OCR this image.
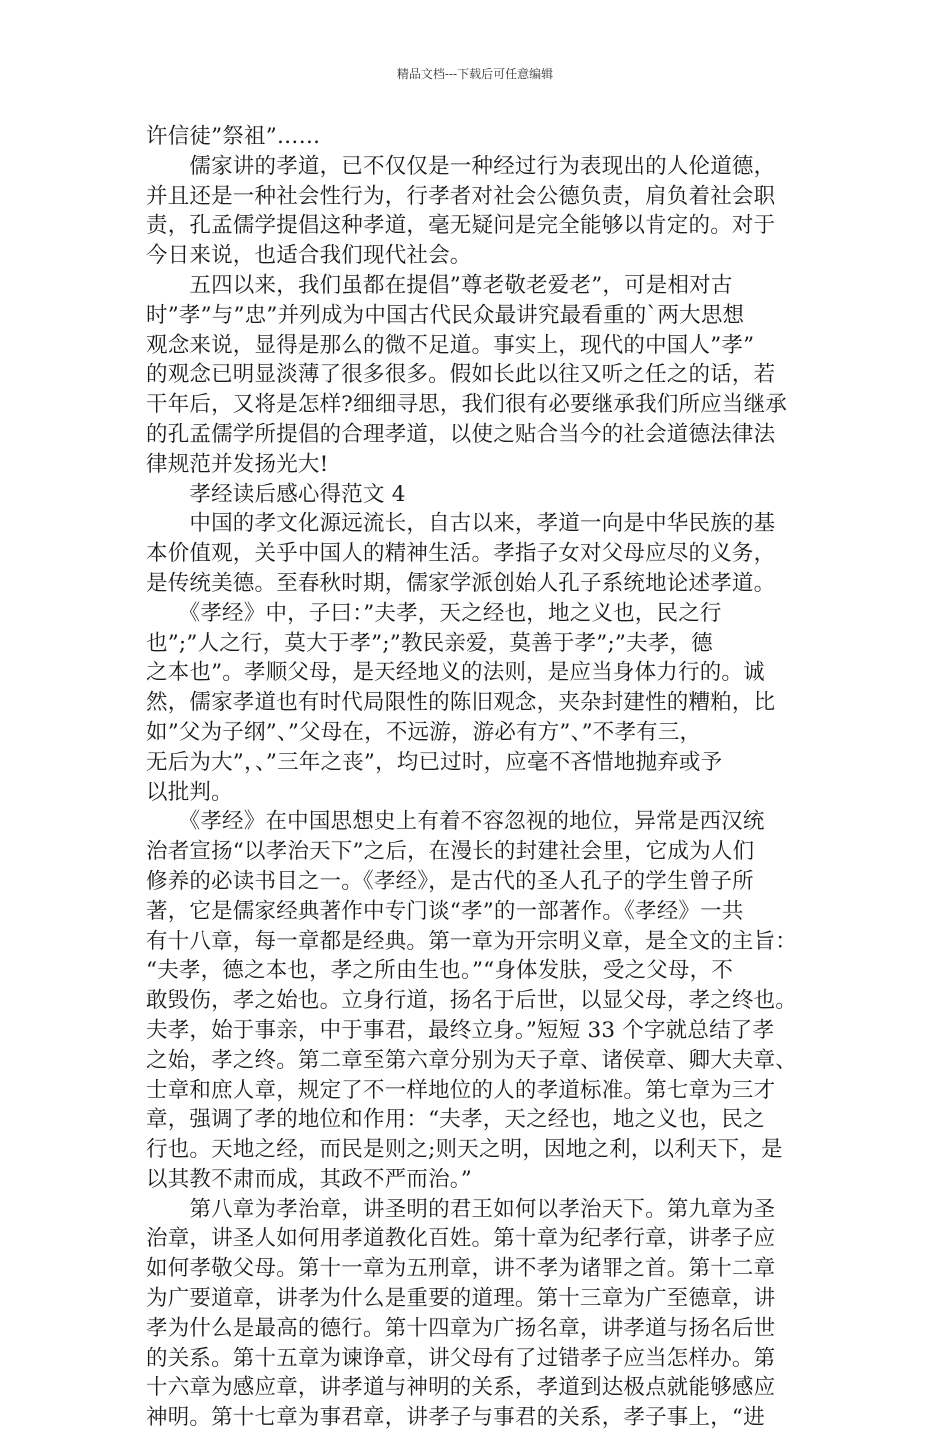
精品文档---下载后可任意编辑
许信徒”祭祖”……
　　儒家讲的孝道，已不仅仅是一种经过行为表现出的人伦道德，
并且还是一种社会性行为，行孝者对社会公德负责，肩负着社会职
责，孔孟儒学提倡这种孝道，毫无疑问是完全能够以肯定的。对于
今日来说，也适合我们现代社会。
　　五四以来，我们虽都在提倡”尊老敬老爱老”，可是相对古
时”孝”与”忠”并列成为中国古代民众最讲究最看重的`两大思想
观念来说，显得是那么的微不足道。事实上，现代的中国人”孝”
的观念已明显淡薄了很多很多。假如长此以往又听之任之的话，若
干年后，又将是怎样?细细寻思，我们很有必要继承我们所应当继承
的孔孟儒学所提倡的合理孝道，以使之贴合当今的社会道德法律法
律规范并发扬光大!
　　孝经读后感心得范文 4
　　中国的孝文化源远流长，自古以来，孝道一向是中华民族的基
本价值观，关乎中国人的精神生活。孝指子女对父母应尽的义务，
是传统美德。至春秋时期，儒家学派创始人孔子系统地论述孝道。
　　《孝经》中，子曰：”夫孝，天之经也，地之义也，民之行
也”;”人之行，莫大于孝”;”教民亲爱，莫善于孝”;”夫孝，德
之本也”。孝顺父母，是天经地义的法则，是应当身体力行的。诚
然，儒家孝道也有时代局限性的陈旧观念，夹杂封建性的糟粕，比
如”父为子纲”、”父母在，不远游，游必有方”、”不孝有三，
无后为大”，、”三年之丧”，均已过时，应毫不吝惜地抛弃或予
以批判。
　　《孝经》在中国思想史上有着不容忽视的地位，异常是西汉统
治者宣扬“以孝治天下”之后，在漫长的封建社会里，它成为人们
修养的必读书目之一。《孝经》，是古代的圣人孔子的学生曾子所
著，它是儒家经典著作中专门谈“孝”的一部著作。《孝经》一共
有十八章，每一章都是经典。第一章为开宗明义章，是全文的主旨：
“夫孝，德之本也，孝之所由生也。”“身体发肤，受之父母，不
敢毁伤，孝之始也。立身行道，扬名于后世，以显父母，孝之终也。
夫孝，始于事亲，中于事君，最终立身。”短短 33 个字就总结了孝
之始，孝之终。第二章至第六章分别为天子章、诸侯章、卿大夫章、
士章和庶人章，规定了不一样地位的人的孝道标准。第七章为三才
章，强调了孝的地位和作用：“夫孝，天之经也，地之义也，民之
行也。天地之经，而民是则之;则天之明，因地之利，以利天下，是
以其教不肃而成，其政不严而治。”
　　第八章为孝治章，讲圣明的君王如何以孝治天下。第九章为圣
治章，讲圣人如何用孝道教化百姓。第十章为纪孝行章，讲孝子应
如何孝敬父母。第十一章为五刑章，讲不孝为诸罪之首。第十二章
为广要道章，讲孝为什么是重要的道理。第十三章为广至德章，讲
孝为什么是最高的德行。第十四章为广扬名章，讲孝道与扬名后世
的关系。第十五章为谏诤章，讲父母有了过错孝子应当怎样办。第
十六章为感应章，讲孝道与神明的关系，孝道到达极点就能够感应
神明。第十七章为事君章，讲孝子与事君的关系，孝子事上，“进
